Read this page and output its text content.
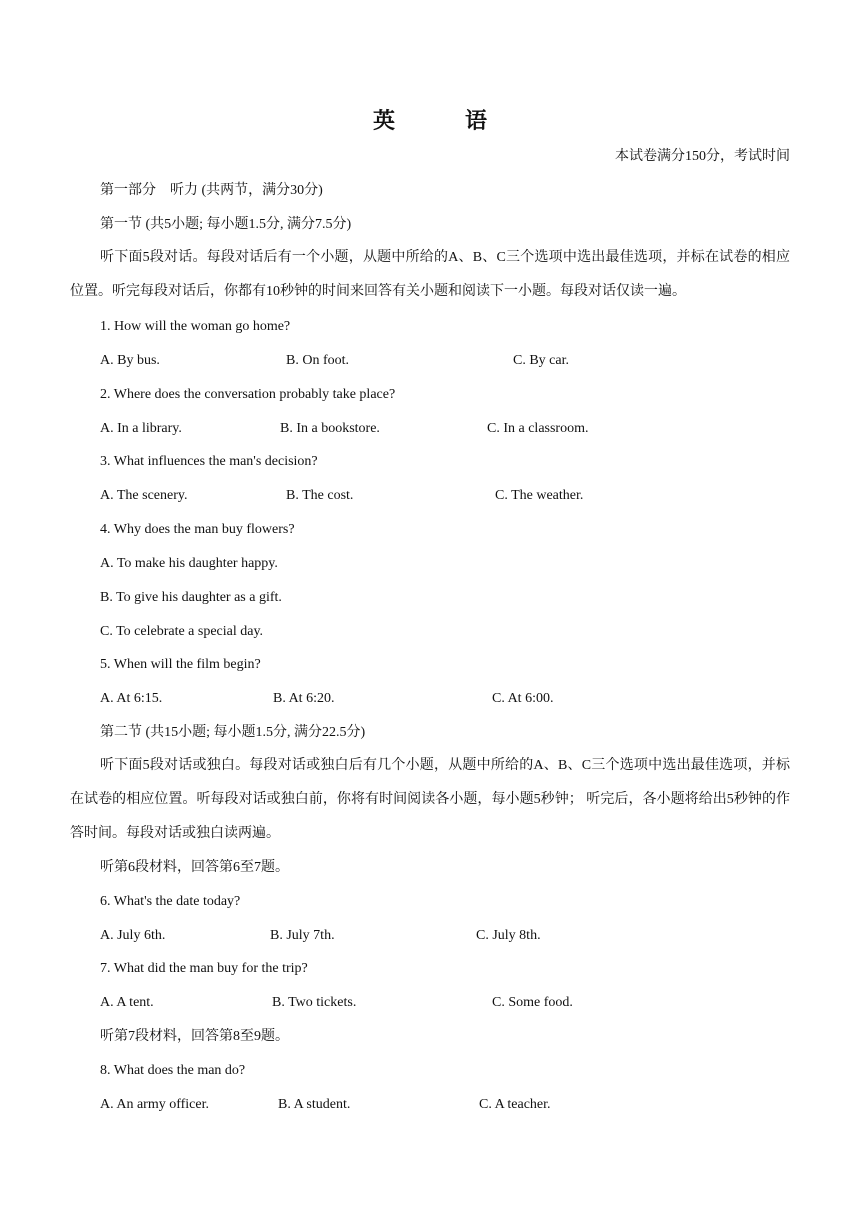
英	语
本试卷满分150分，考试时间
第一部分　听力 (共两节，满分30分)
第一节 (共5小题; 每小题1.5分, 满分7.5分)
听下面5段对话。每段对话后有一个小题，从题中所给的A、B、C三个选项中选出最佳选项，并标在试卷的相应位置。听完每段对话后，你都有10秒钟的时间来回答有关小题和阅读下一小题。每段对话仅读一遍。
1. How will the woman go home?
A. By bus.	B. On foot.	C. By car.
2. Where does the conversation probably take place?
A. In a library.	B. In a bookstore.	C. In a classroom.
3. What influences the man's decision?
A. The scenery.	B. The cost.	C. The weather.
4. Why does the man buy flowers?
A. To make his daughter happy.
B. To give his daughter as a gift.
C. To celebrate a special day.
5. When will the film begin?
A. At 6:15.	B. At 6:20.	C. At 6:00.
第二节 (共15小题; 每小题1.5分, 满分22.5分)
听下面5段对话或独白。每段对话或独白后有几个小题，从题中所给的A、B、C三个选项中选出最佳选项，并标在试卷的相应位置。听每段对话或独白前，你将有时间阅读各小题，每小题5秒钟； 听完后，各小题将给出5秒钟的作答时间。每段对话或独白读两遍。
听第6段材料，回答第6至7题。
6. What's the date today?
A. July 6th.	B. July 7th.	C. July 8th.
7. What did the man buy for the trip?
A. A tent.	B. Two tickets.	C. Some food.
听第7段材料，回答第8至9题。
8. What does the man do?
A. An army officer.	B. A student.	C. A teacher.
